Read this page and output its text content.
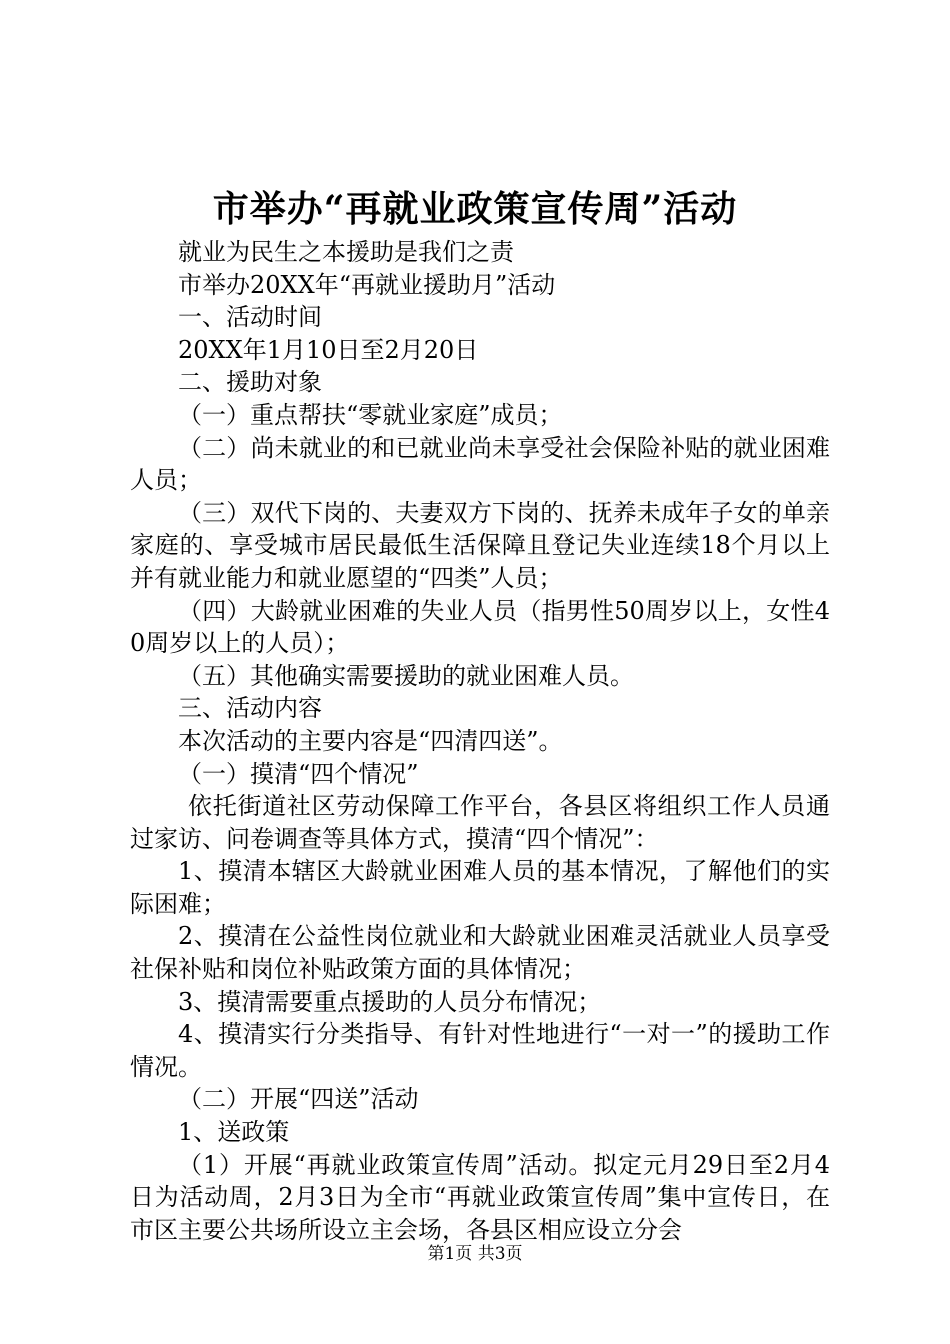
市举办“再就业政策宣传周”活动

就业为民生之本援助是我们之责

市举办20XX年“再就业援助月”活动

一、活动时间

20XX年1月10日至2月20日

二、援助对象

（一）重点帮扶“零就业家庭”成员；

（二）尚未就业的和已就业尚未享受社会保险补贴的就业困难人员；

（三）双代下岗的、夫妻双方下岗的、抚养未成年子女的单亲家庭的、享受城市居民最低生活保障且登记失业连续18个月以上并有就业能力和就业愿望的“四类”人员；

（四）大龄就业困难的失业人员（指男性50周岁以上，女性40周岁以上的人员）；

（五）其他确实需要援助的就业困难人员。

三、活动内容

本次活动的主要内容是“四清四送”。

（一）摸清“四个情况”

依托街道社区劳动保障工作平台，各县区将组织工作人员通过家访、问卷调查等具体方式，摸清“四个情况”：

1、摸清本辖区大龄就业困难人员的基本情况，了解他们的实际困难；

2、摸清在公益性岗位就业和大龄就业困难灵活就业人员享受社保补贴和岗位补贴政策方面的具体情况；

3、摸清需要重点援助的人员分布情况；

4、摸清实行分类指导、有针对性地进行“一对一”的援助工作情况。

（二）开展“四送”活动

1、送政策

（1）开展“再就业政策宣传周”活动。拟定元月29日至2月4日为活动周，2月3日为全市“再就业政策宣传周”集中宣传日，在市区主要公共场所设立主会场，各县区相应设立分会

第1页 共3页
